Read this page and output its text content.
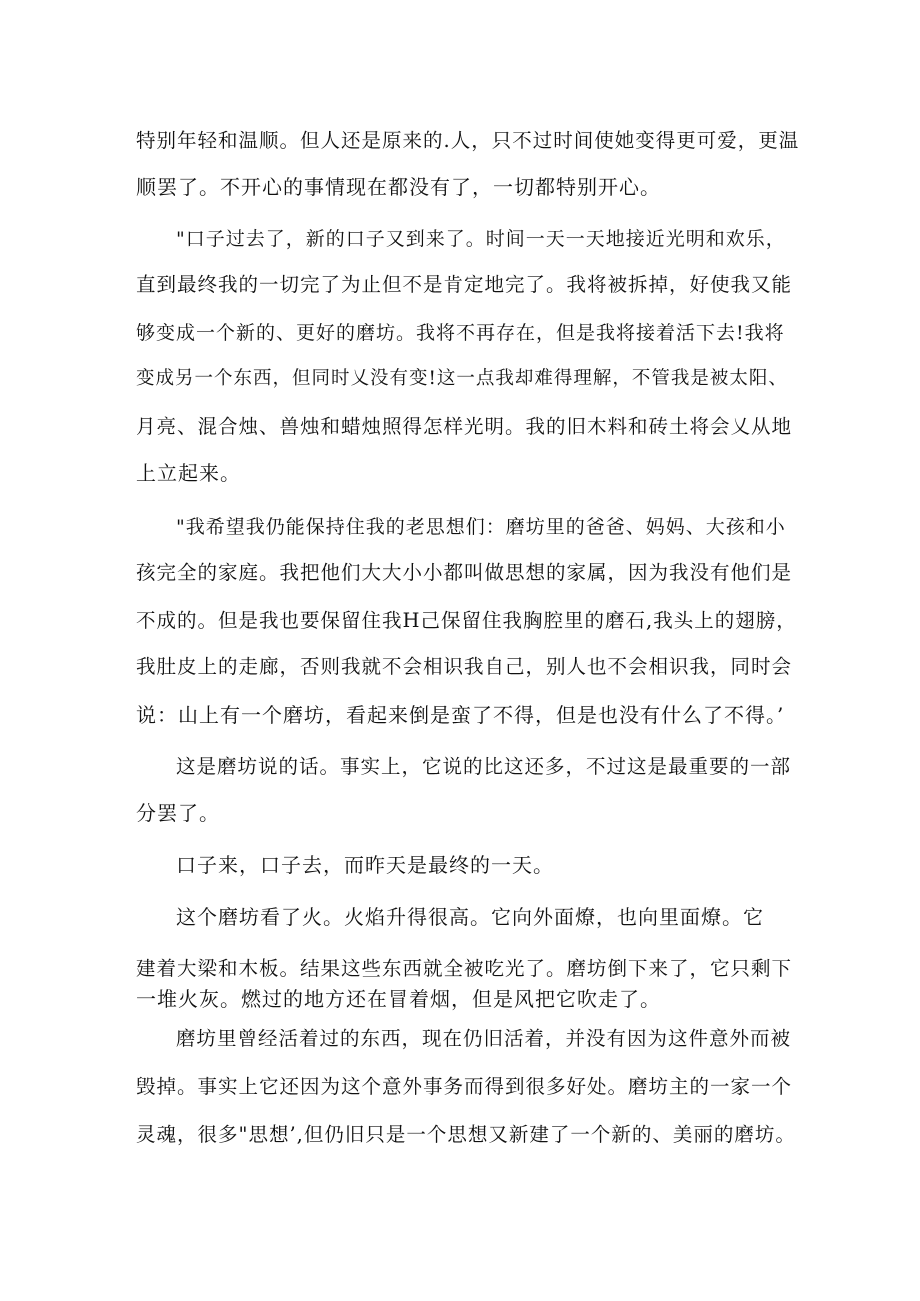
特别年轻和温顺。但人还是原来的.人，只不过时间使她变得更可爱，更温
顺罢了。不开心的事情现在都没有了，一切都特别开心。
"口子过去了，新的口子又到来了。时间一天一天地接近光明和欢乐，
直到最终我的一切完了为止但不是肯定地完了。我将被拆掉，好使我又能
够变成一个新的、更好的磨坊。我将不再存在，但是我将接着活下去!我将
变成另一个东西，但同时乂没有变!这一点我却难得理解，不管我是被太阳、
月亮、混合烛、兽烛和蜡烛照得怎样光明。我的旧木料和砖土将会乂从地
上立起来。
"我希望我仍能保持住我的老思想们：磨坊里的爸爸、妈妈、大孩和小
孩完全的家庭。我把他们大大小小都叫做思想的家属，因为我没有他们是
不成的。但是我也要保留住我H己保留住我胸腔里的磨石,我头上的翅膀，
我肚皮上的走廊，否则我就不会相识我自己，别人也不会相识我，同时会
说：山上有一个磨坊，看起来倒是蛮了不得，但是也没有什么了不得。’
这是磨坊说的话。事实上，它说的比这还多，不过这是最重要的一部
分罢了。
口子来，口子去，而昨天是最终的一天。
这个磨坊看了火。火焰升得很高。它向外面燎，也向里面燎。它
建着大梁和木板。结果这些东西就全被吃光了。磨坊倒下来了，它只剩下
一堆火灰。燃过的地方还在冒着烟，但是风把它吹走了。
磨坊里曾经活着过的东西，现在仍旧活着，并没有因为这件意外而被
毁掉。事实上它还因为这个意外事务而得到很多好处。磨坊主的一家一个
灵魂，很多"思想’,但仍旧只是一个思想又新建了一个新的、美丽的磨坊。
